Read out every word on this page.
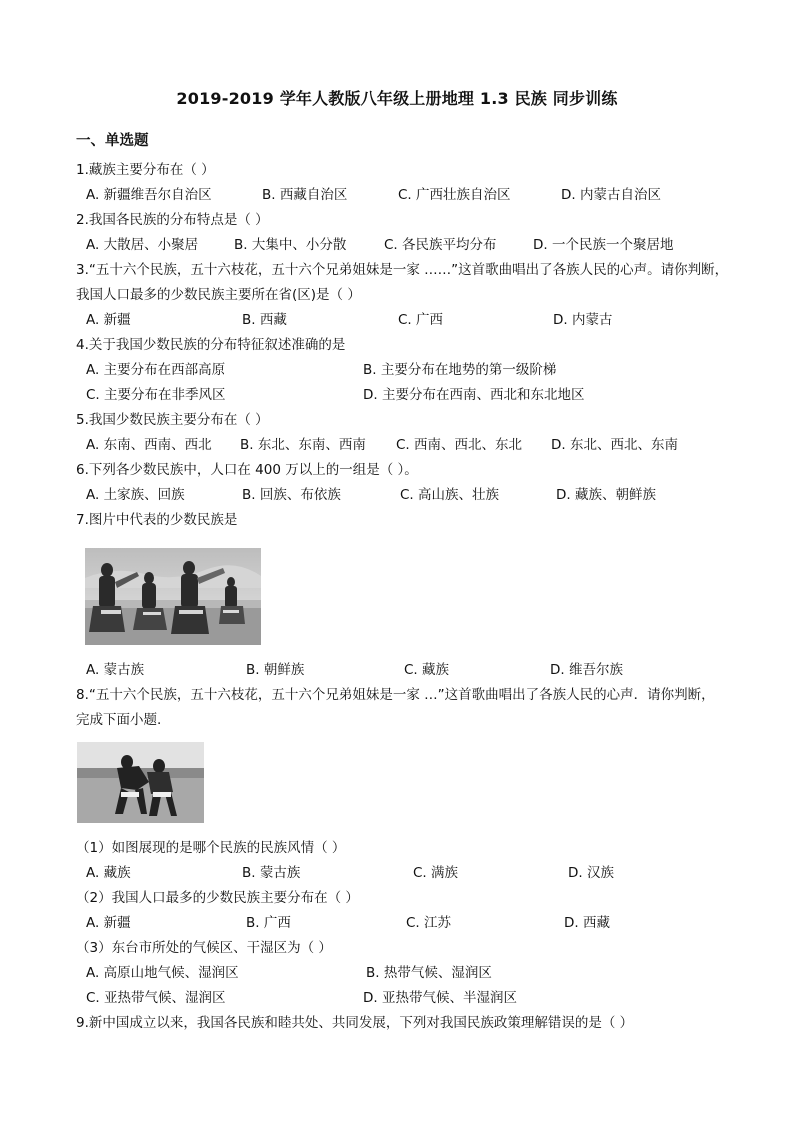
2019-2019 学年人教版八年级上册地理 1.3 民族 同步训练
一、单选题
1.藏族主要分布在（ ）
A. 新疆维吾尔自治区	B. 西藏自治区	C. 广西壮族自治区	D. 内蒙古自治区
2.我国各民族的分布特点是（ ）
A. 大散居、小聚居	B. 大集中、小分散	C. 各民族平均分布	D. 一个民族一个聚居地
3.“五十六个民族，五十六枝花，五十六个兄弟姐妹是一家 ……”这首歌曲唱出了各族人民的心声。请你判断，
我国人口最多的少数民族主要所在省(区)是（ ）
A. 新疆	B. 西藏	C. 广西	D. 内蒙古
4.关于我国少数民族的分布特征叙述准确的是
A. 主要分布在西部高原	B. 主要分布在地势的第一级阶梯
C. 主要分布在非季风区	D. 主要分布在西南、西北和东北地区
5.我国少数民族主要分布在（ ）
A. 东南、西南、西北 B. 东北、东南、西南 C. 西南、西北、东北 D. 东北、西北、东南
6.下列各少数民族中，人口在 400 万以上的一组是（ ）。
A. 土家族、回族	B. 回族、布依族	C. 高山族、壮族	D. 藏族、朝鲜族
7.图片中代表的少数民族是
A. 蒙古族	B. 朝鲜族	C. 藏族	D. 维吾尔族
8.“五十六个民族，五十六枝花，五十六个兄弟姐妹是一家 …”这首歌曲唱出了各族人民的心声．请你判断，
完成下面小题.
（1）如图展现的是哪个民族的民族风情（ ）
A. 藏族	B. 蒙古族	C. 满族	D. 汉族
（2）我国人口最多的少数民族主要分布在（ ）
A. 新疆	B. 广西	C. 江苏	D. 西藏
（3）东台市所处的气候区、干湿区为（ ）
A. 高原山地气候、湿润区	B. 热带气候、湿润区
C. 亚热带气候、湿润区	D. 亚热带气候、半湿润区
9.新中国成立以来，我国各民族和睦共处、共同发展，下列对我国民族政策理解错误的是（ ）
